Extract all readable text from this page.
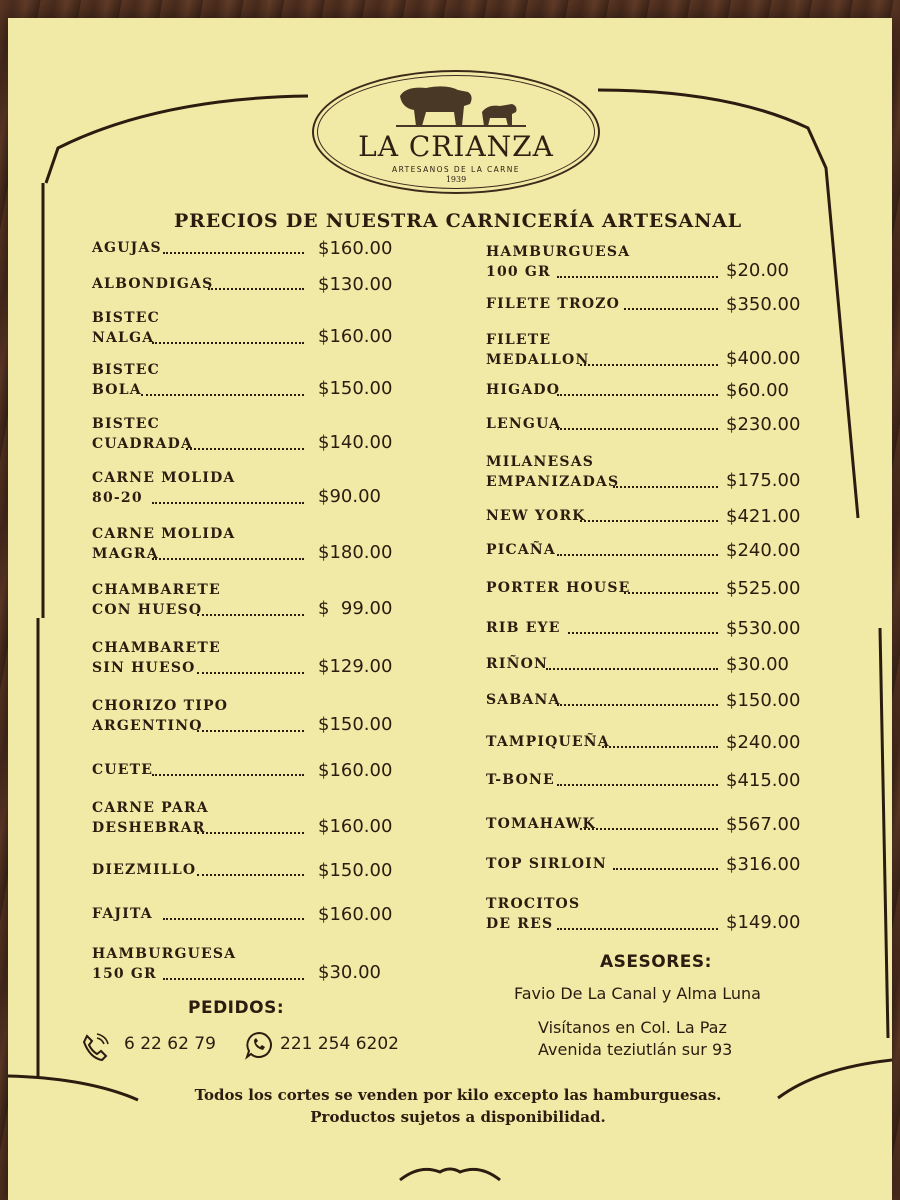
LA CRIANZA
ARTESANOS DE LA CARNE
1939
PRECIOS DE NUESTRA CARNICERÍA ARTESANAL
AGUJAS	$160.00
ALBONDIGAS	$130.00
BISTEC
NALGA	$160.00
BISTEC
BOLA	$150.00
BISTEC
CUADRADA	$140.00
CARNE MOLIDA
80-20	$90.00
CARNE MOLIDA
MAGRA	$180.00
CHAMBARETE
CON HUESO	$  99.00
CHAMBARETE
SIN HUESO	$129.00
CHORIZO TIPO
ARGENTINO	$150.00
CUETE	$160.00
CARNE PARA
DESHEBRAR	$160.00
DIEZMILLO	$150.00
FAJITA	$160.00
HAMBURGUESA
150 GR	$30.00
HAMBURGUESA
100 GR	$20.00
FILETE TROZO	$350.00
FILETE
MEDALLON	$400.00
HIGADO	$60.00
LENGUA	$230.00
MILANESAS
EMPANIZADAS	$175.00
NEW YORK	$421.00
PICAÑA	$240.00
PORTER HOUSE	$525.00
RIB EYE	$530.00
RIÑON	$30.00
SABANA	$150.00
TAMPIQUEÑA	$240.00
T-BONE	$415.00
TOMAHAWK	$567.00
TOP SIRLOIN	$316.00
TROCITOS
DE RES	$149.00
PEDIDOS:
6 22 62 79	221 254 6202
ASESORES:
Favio De La Canal y Alma Luna
Visítanos en Col. La Paz
Avenida teziutlán sur 93
Todos los cortes se venden por kilo excepto las hamburguesas.
Productos sujetos a disponibilidad.
